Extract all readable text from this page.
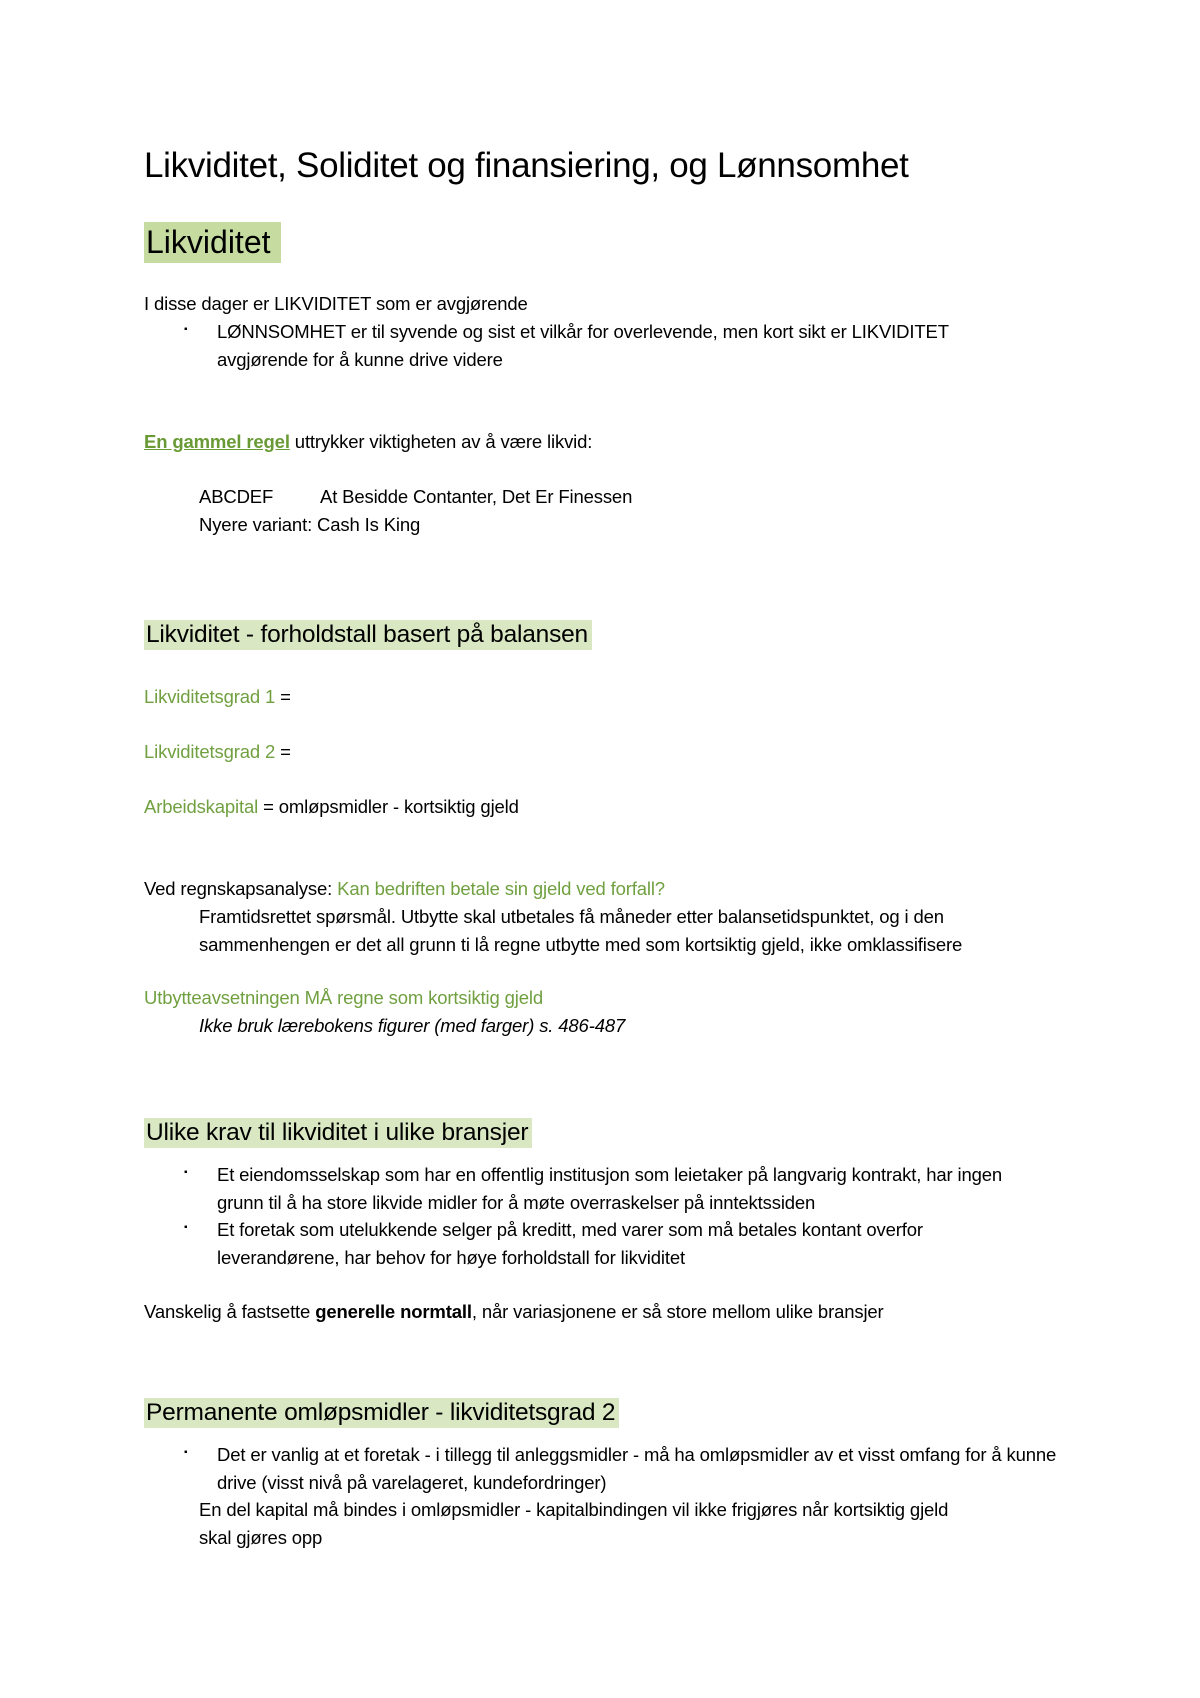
Likviditet, Soliditet og finansiering, og Lønnsomhet
Likviditet
I disse dager er LIKVIDITET som er avgjørende
▪ LØNNSOMHET er til syvende og sist et vilkår for overlevende, men kort sikt er LIKVIDITET
avgjørende for å kunne drive videre
En gammel regel uttrykker viktigheten av å være likvid:
ABCDEF	At Besidde Contanter, Det Er Finessen
Nyere variant: Cash Is King
Likviditet - forholdstall basert på balansen
Likviditetsgrad 1 =
Likviditetsgrad 2 =
Arbeidskapital = omløpsmidler - kortsiktig gjeld
Ved regnskapsanalyse: Kan bedriften betale sin gjeld ved forfall?
Framtidsrettet spørsmål. Utbytte skal utbetales få måneder etter balansetidspunktet, og i den
sammenhengen er det all grunn ti lå regne utbytte med som kortsiktig gjeld, ikke omklassifisere
Utbytteavsetningen MÅ regne som kortsiktig gjeld
Ikke bruk lærebokens figurer (med farger) s. 486-487
Ulike krav til likviditet i ulike bransjer
▪ Et eiendomsselskap som har en offentlig institusjon som leietaker på langvarig kontrakt, har ingen grunn til å ha store likvide midler for å møte overraskelser på inntektssiden
▪ Et foretak som utelukkende selger på kreditt, med varer som må betales kontant overfor leverandørene, har behov for høye forholdstall for likviditet
Vanskelig å fastsette generelle normtall, når variasjonene er så store mellom ulike bransjer
Permanente omløpsmidler - likviditetsgrad 2
▪ Det er vanlig at et foretak - i tillegg til anleggsmidler - må ha omløpsmidler av et visst omfang for å kunne drive (visst nivå på varelageret, kundefordringer)
En del kapital må bindes i omløpsmidler - kapitalbindingen vil ikke frigjøres når kortsiktig gjeld
skal gjøres opp
